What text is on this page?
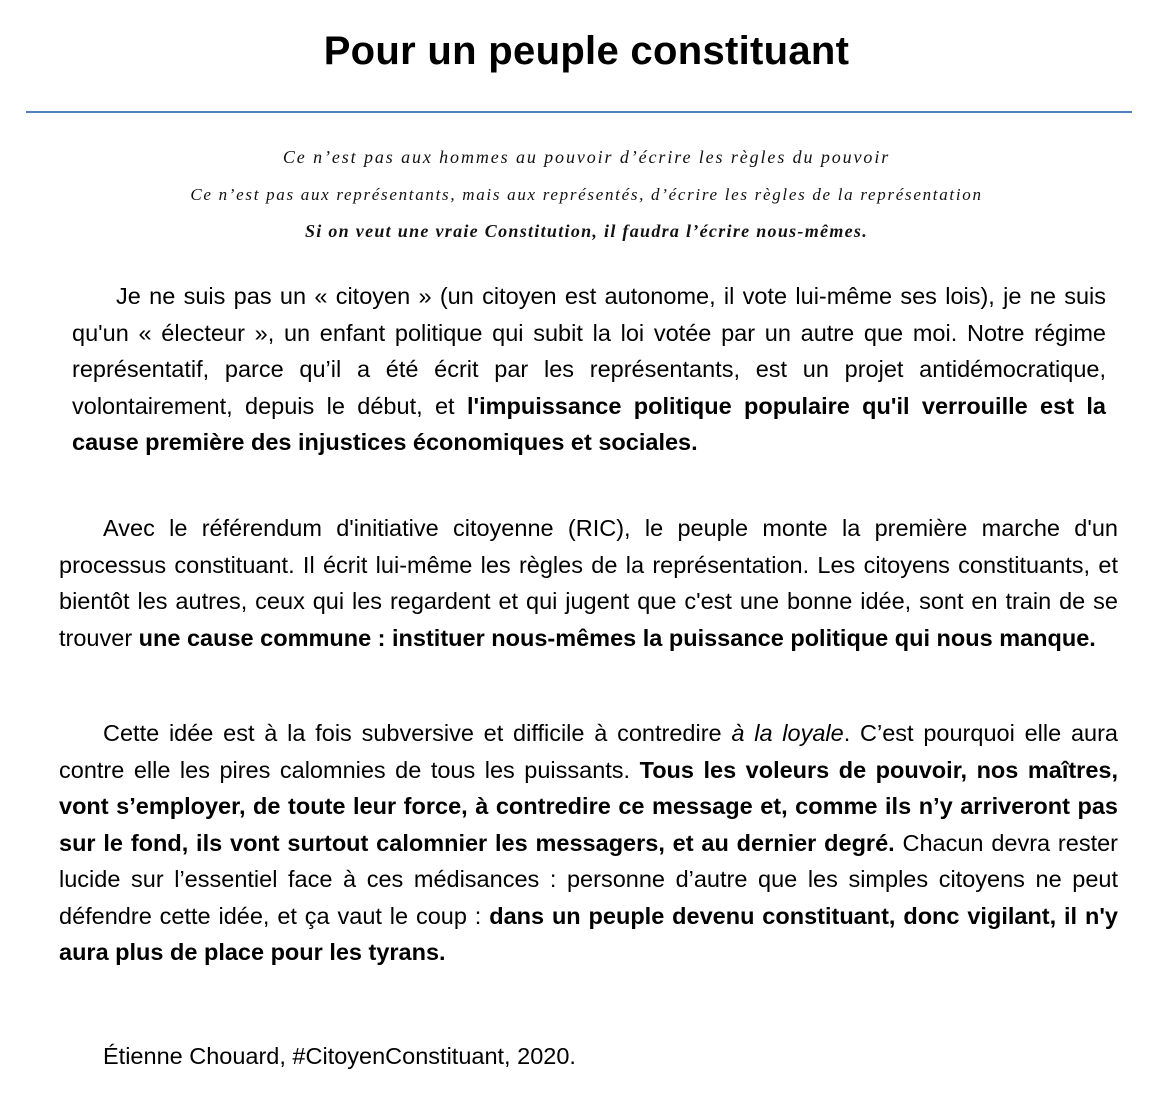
Pour un peuple constituant

Ce n’est pas aux hommes au pouvoir d’écrire les règles du pouvoir

Ce n’est pas aux représentants, mais aux représentés, d’écrire les règles de la représentation

Si on veut une vraie Constitution, il faudra l’écrire nous-mêmes.

Je ne suis pas un « citoyen » (un citoyen est autonome, il vote lui-même ses lois), je ne suis qu'un « électeur », un enfant politique qui subit la loi votée par un autre que moi. Notre régime représentatif, parce qu’il a été écrit par les représentants, est un projet antidémocratique, volontairement, depuis le début, et l'impuissance politique populaire qu'il verrouille est la cause première des injustices économiques et sociales.

Avec le référendum d'initiative citoyenne (RIC), le peuple monte la première marche d'un processus constituant. Il écrit lui-même les règles de la représentation. Les citoyens constituants, et bientôt les autres, ceux qui les regardent et qui jugent que c'est une bonne idée, sont en train de se trouver une cause commune : instituer nous-mêmes la puissance politique qui nous manque.

Cette idée est à la fois subversive et difficile à contredire à la loyale. C’est pourquoi elle aura contre elle les pires calomnies de tous les puissants. Tous les voleurs de pouvoir, nos maîtres, vont s’employer, de toute leur force, à contredire ce message et, comme ils n’y arriveront pas sur le fond, ils vont surtout calomnier les messagers, et au dernier degré. Chacun devra rester lucide sur l’essentiel face à ces médisances : personne d’autre que les simples citoyens ne peut défendre cette idée, et ça vaut le coup : dans un peuple devenu constituant, donc vigilant, il n'y aura plus de place pour les tyrans.

Étienne Chouard, #CitoyenConstituant, 2020.
